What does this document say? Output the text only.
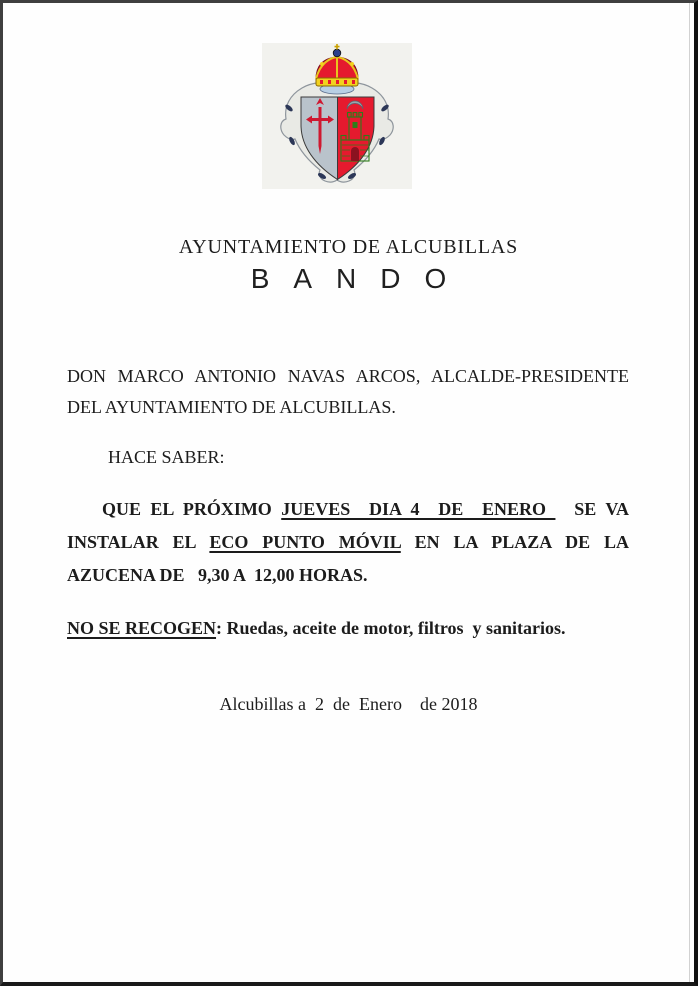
AYUNTAMIENTO DE ALCUBILLAS
BANDO
DON MARCO ANTONIO NAVAS ARCOS, ALCALDE-PRESIDENTE
DEL AYUNTAMIENTO DE ALCUBILLAS.
HACE SABER:
QUE EL PRÓXIMO JUEVES  DIA 4  DE  ENERO   SE VA
INSTALAR EL ECO PUNTO MÓVIL EN LA PLAZA DE LA
AZUCENA DE   9,30 A  12,00 HORAS.
NO SE RECOGEN: Ruedas, aceite de motor, filtros  y sanitarios.
Alcubillas a  2  de  Enero    de 2018
